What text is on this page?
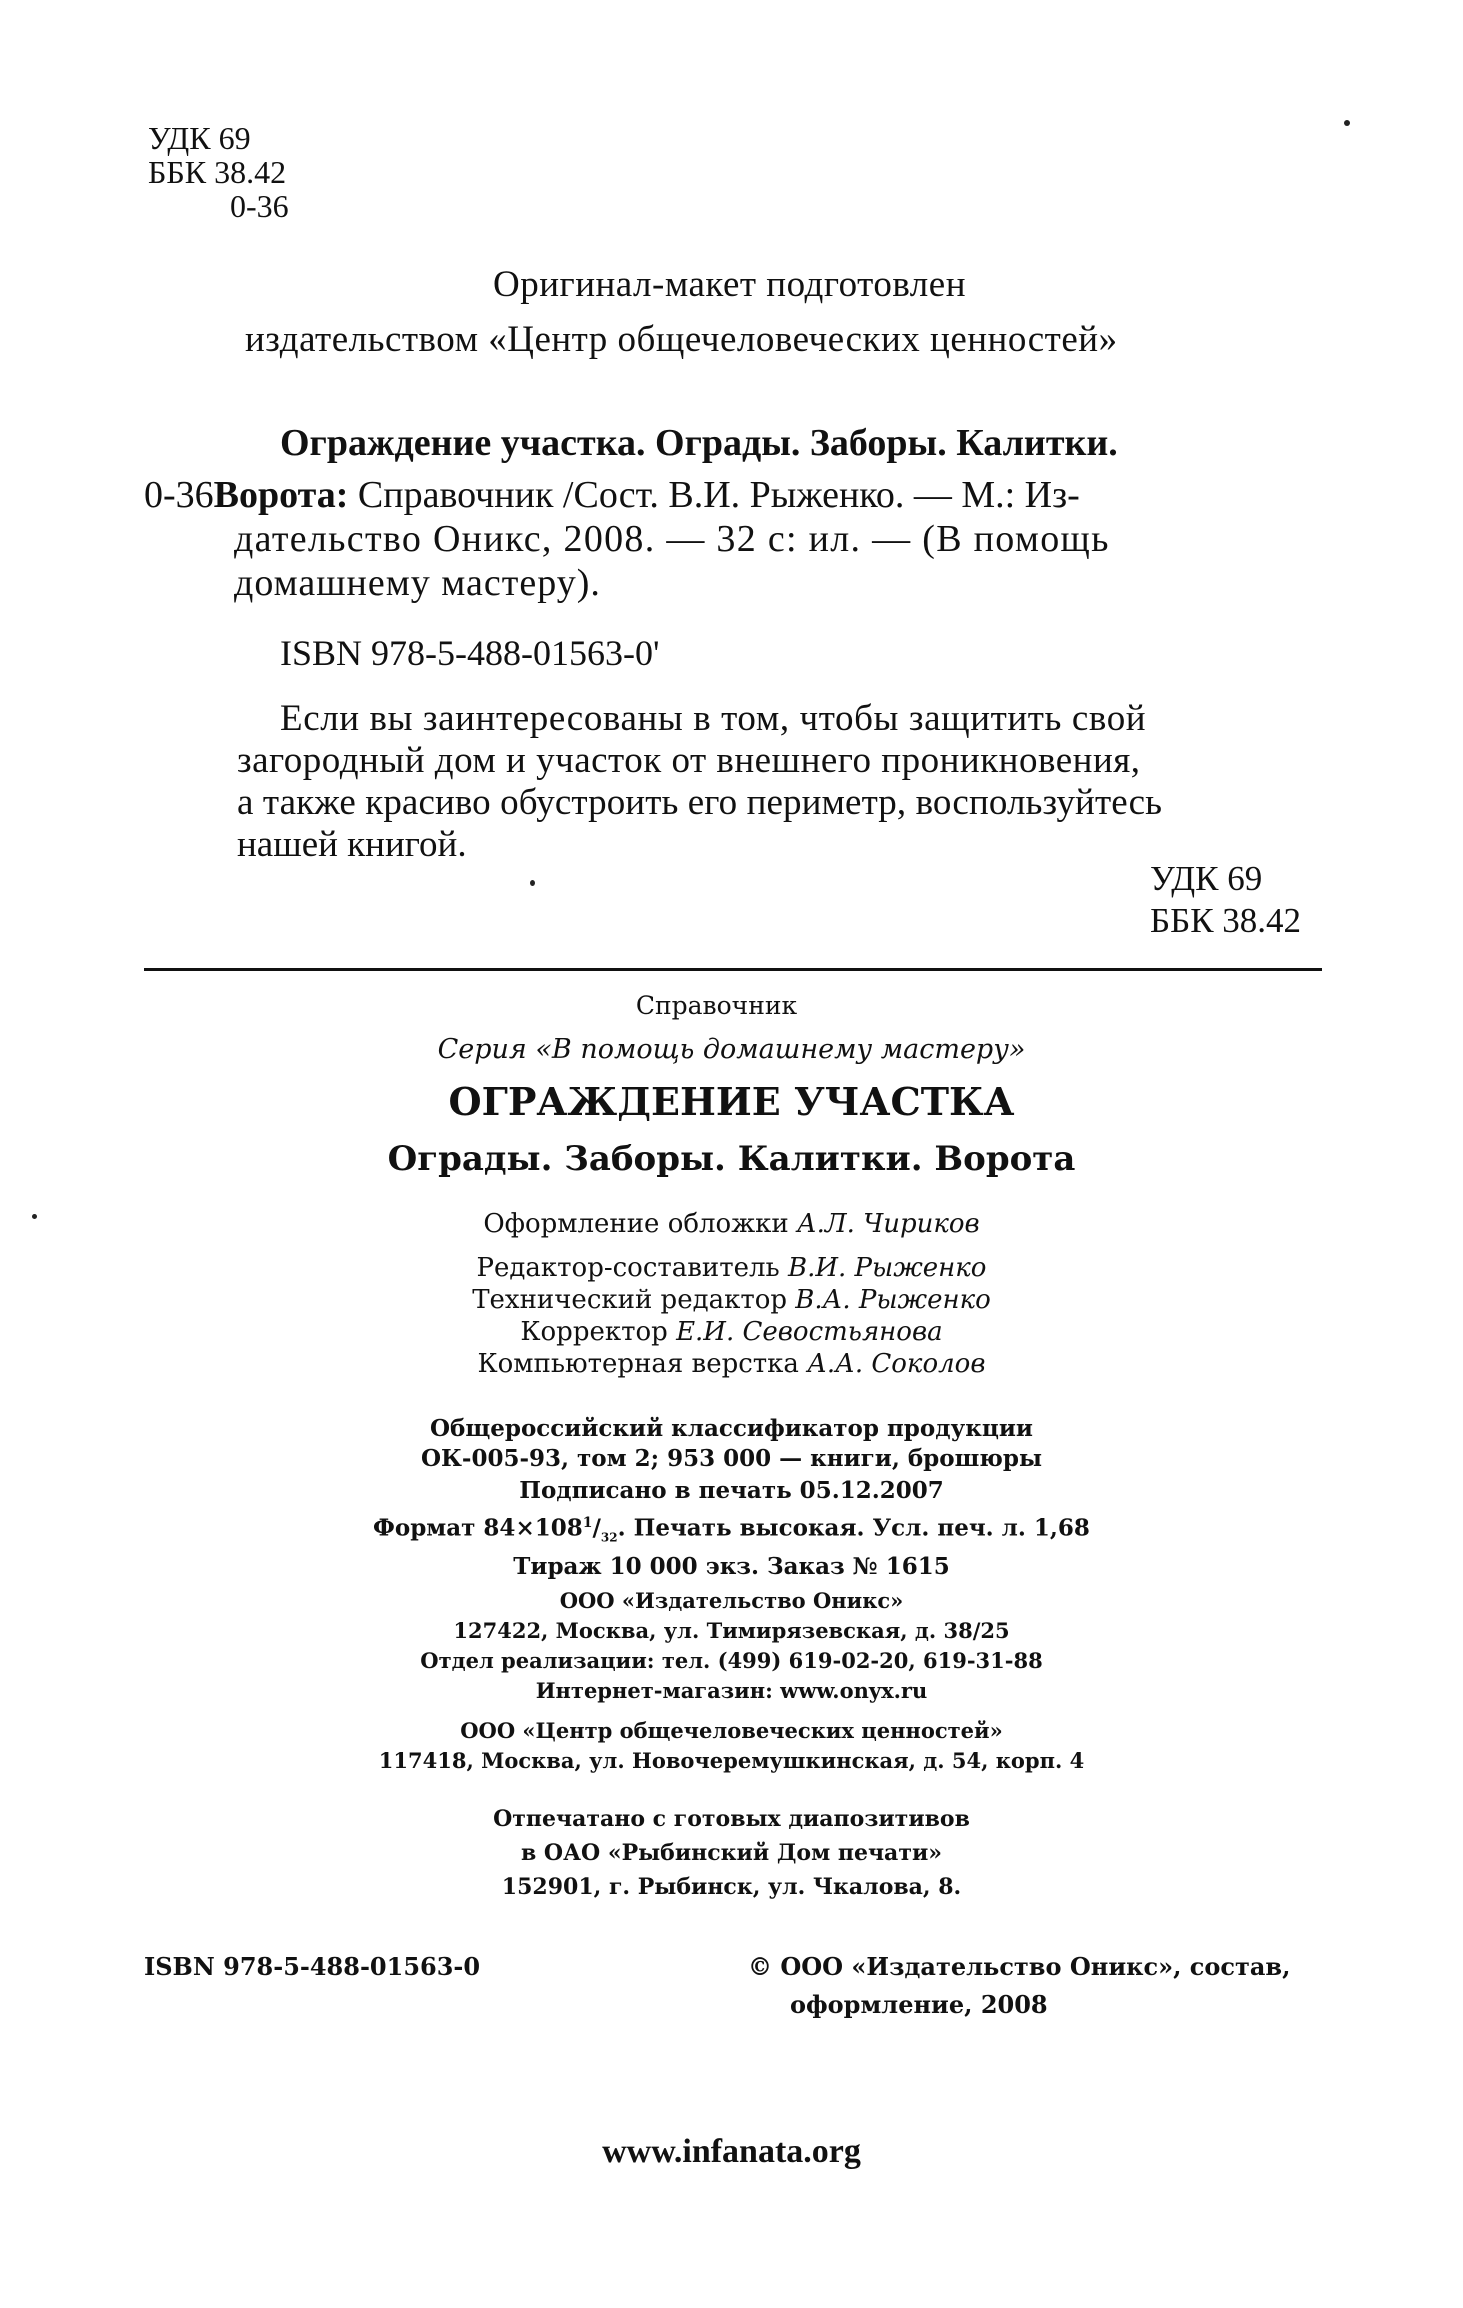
УДК 69
ББК 38.42
0-36
Оригинал-макет подготовлен
издательством «Центр общечеловеческих ценностей»
Ограждение участка. Ограды. Заборы. Калитки.
0-36Ворота: Справочник /Сост. В.И. Рыженко. — М.: Из-
дательство Оникс, 2008. — 32 с: ил. — (В помощь
домашнему мастеру).
ISBN 978-5-488-01563-0'
Если вы заинтересованы в том, чтобы защитить свой
загородный дом и участок от внешнего проникновения,
а также красиво обустроить его периметр, воспользуйтесь
нашей книгой.
УДК 69
ББК 38.42
Справочник
Серия «В помощь домашнему мастеру»
ОГРАЖДЕНИЕ УЧАСТКА
Ограды. Заборы. Калитки. Ворота
Оформление обложки А.Л. Чириков
Редактор-составитель В.И. Рыженко
Технический редактор В.А. Рыженко
Корректор Е.И. Севостьянова
Компьютерная верстка А.А. Соколов
Общероссийский классификатор продукции
ОК-005-93, том 2; 953 000 — книги, брошюры
Подписано в печать 05.12.2007
Формат $84\times 108^1/_{32}$. Печать высокая. Усл. печ. л. 1,68
Тираж 10 000 экз. Заказ № 1615
ООО «Издательство Оникс»
127422, Москва, ул. Тимирязевская, д. 38/25
Отдел реализации: тел. (499) 619-02-20, 619-31-88
Интернет-магазин: www.onyx.ru
ООО «Центр общечеловеческих ценностей»
117418, Москва, ул. Новочеремушкинская, д. 54, корп. 4
Отпечатано с готовых диапозитивов
в ОАО «Рыбинский Дом печати»
152901, г. Рыбинск, ул. Чкалова, 8.
ISBN 978-5-488-01563-0	© ООО «Издательство Оникс», состав,
оформление, 2008
www.infanata.org
